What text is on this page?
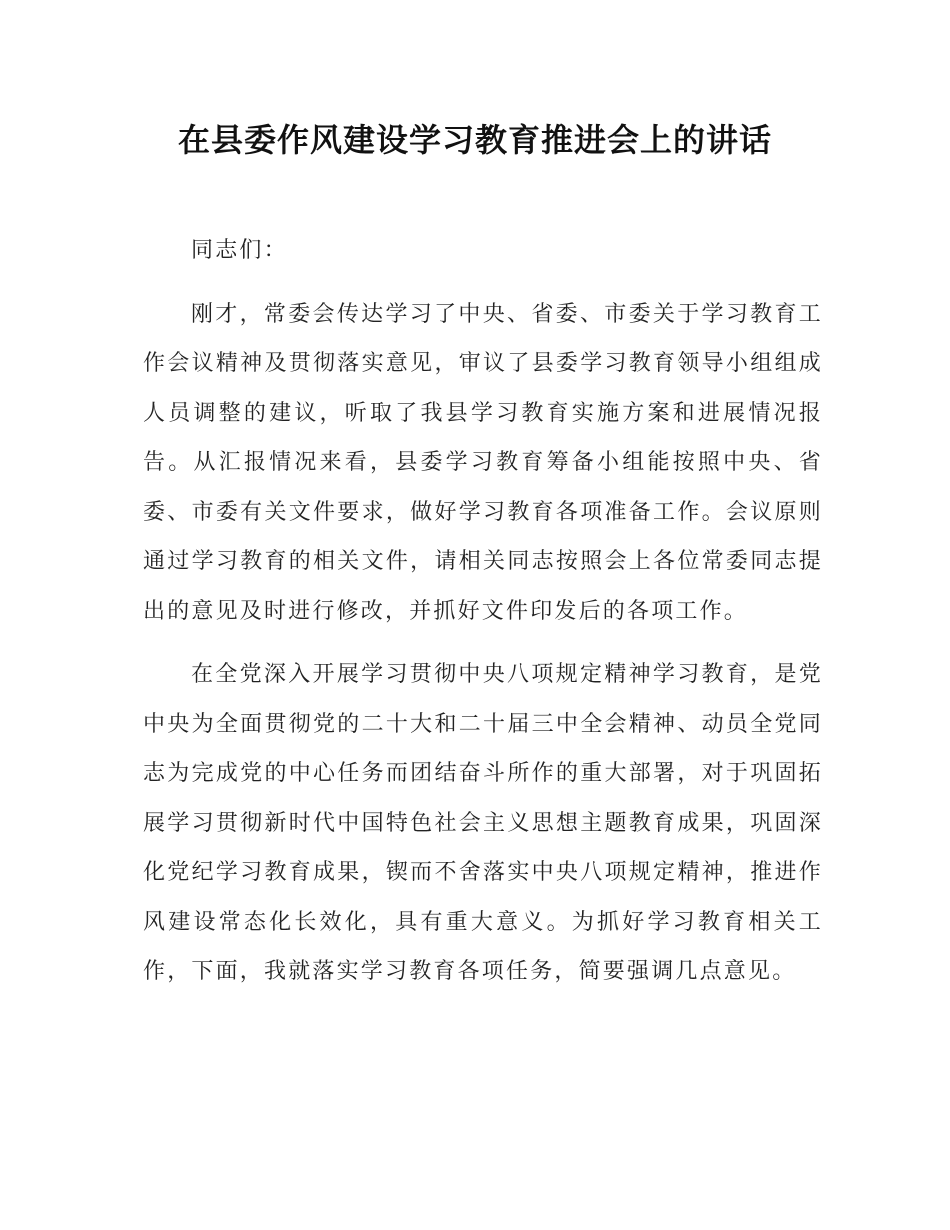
在县委作风建设学习教育推进会上的讲话

同志们：

刚才，常委会传达学习了中央、省委、市委关于学习教育工作会议精神及贯彻落实意见，审议了县委学习教育领导小组组成人员调整的建议，听取了我县学习教育实施方案和进展情况报告。从汇报情况来看，县委学习教育筹备小组能按照中央、省委、市委有关文件要求，做好学习教育各项准备工作。会议原则通过学习教育的相关文件，请相关同志按照会上各位常委同志提出的意见及时进行修改，并抓好文件印发后的各项工作。

在全党深入开展学习贯彻中央八项规定精神学习教育，是党中央为全面贯彻党的二十大和二十届三中全会精神、动员全党同志为完成党的中心任务而团结奋斗所作的重大部署，对于巩固拓展学习贯彻新时代中国特色社会主义思想主题教育成果，巩固深化党纪学习教育成果，锲而不舍落实中央八项规定精神，推进作风建设常态化长效化，具有重大意义。为抓好学习教育相关工作，下面，我就落实学习教育各项任务，简要强调几点意见。
